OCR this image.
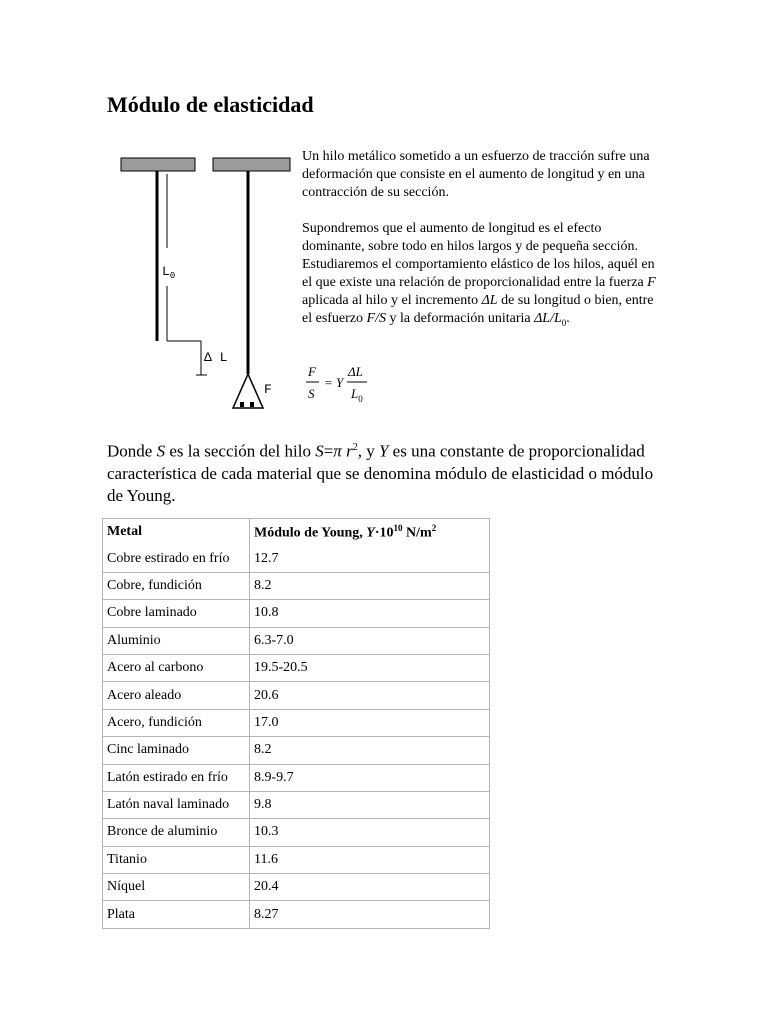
Módulo de elasticidad
$L_0$
Δ L
F

Un hilo metálico sometido a un esfuerzo de tracción sufre una deformación que consiste en el aumento de longitud y en una contracción de su sección.

Supondremos que el aumento de longitud es el efecto dominante, sobre todo en hilos largos y de pequeña sección. Estudiaremos el comportamiento elástico de los hilos, aquél en el que existe una relación de proporcionalidad entre la fuerza F aplicada al hilo y el incremento ΔL de su longitud o bien, entre el esfuerzo F/S y la deformación unitaria $\Delta L/L_0$.

F
S
= Y
ΔL
$L_0$

Donde S es la sección del hilo S=π $r^2$, y Y es una constante de proporcionalidad característica de cada material que se denomina módulo de elasticidad o módulo de Young.

Metal	Módulo de Young, $Y\cdot 10^{10}$ $N/m^2$
Cobre estirado en frío	12.7
Cobre, fundición	8.2
Cobre laminado	10.8
Aluminio	6.3-7.0
Acero al carbono	19.5-20.5
Acero aleado	20.6
Acero, fundición	17.0
Cinc laminado	8.2
Latón estirado en frío	8.9-9.7
Latón naval laminado	9.8
Bronce de aluminio	10.3
Titanio	11.6
Níquel	20.4
Plata	8.27
